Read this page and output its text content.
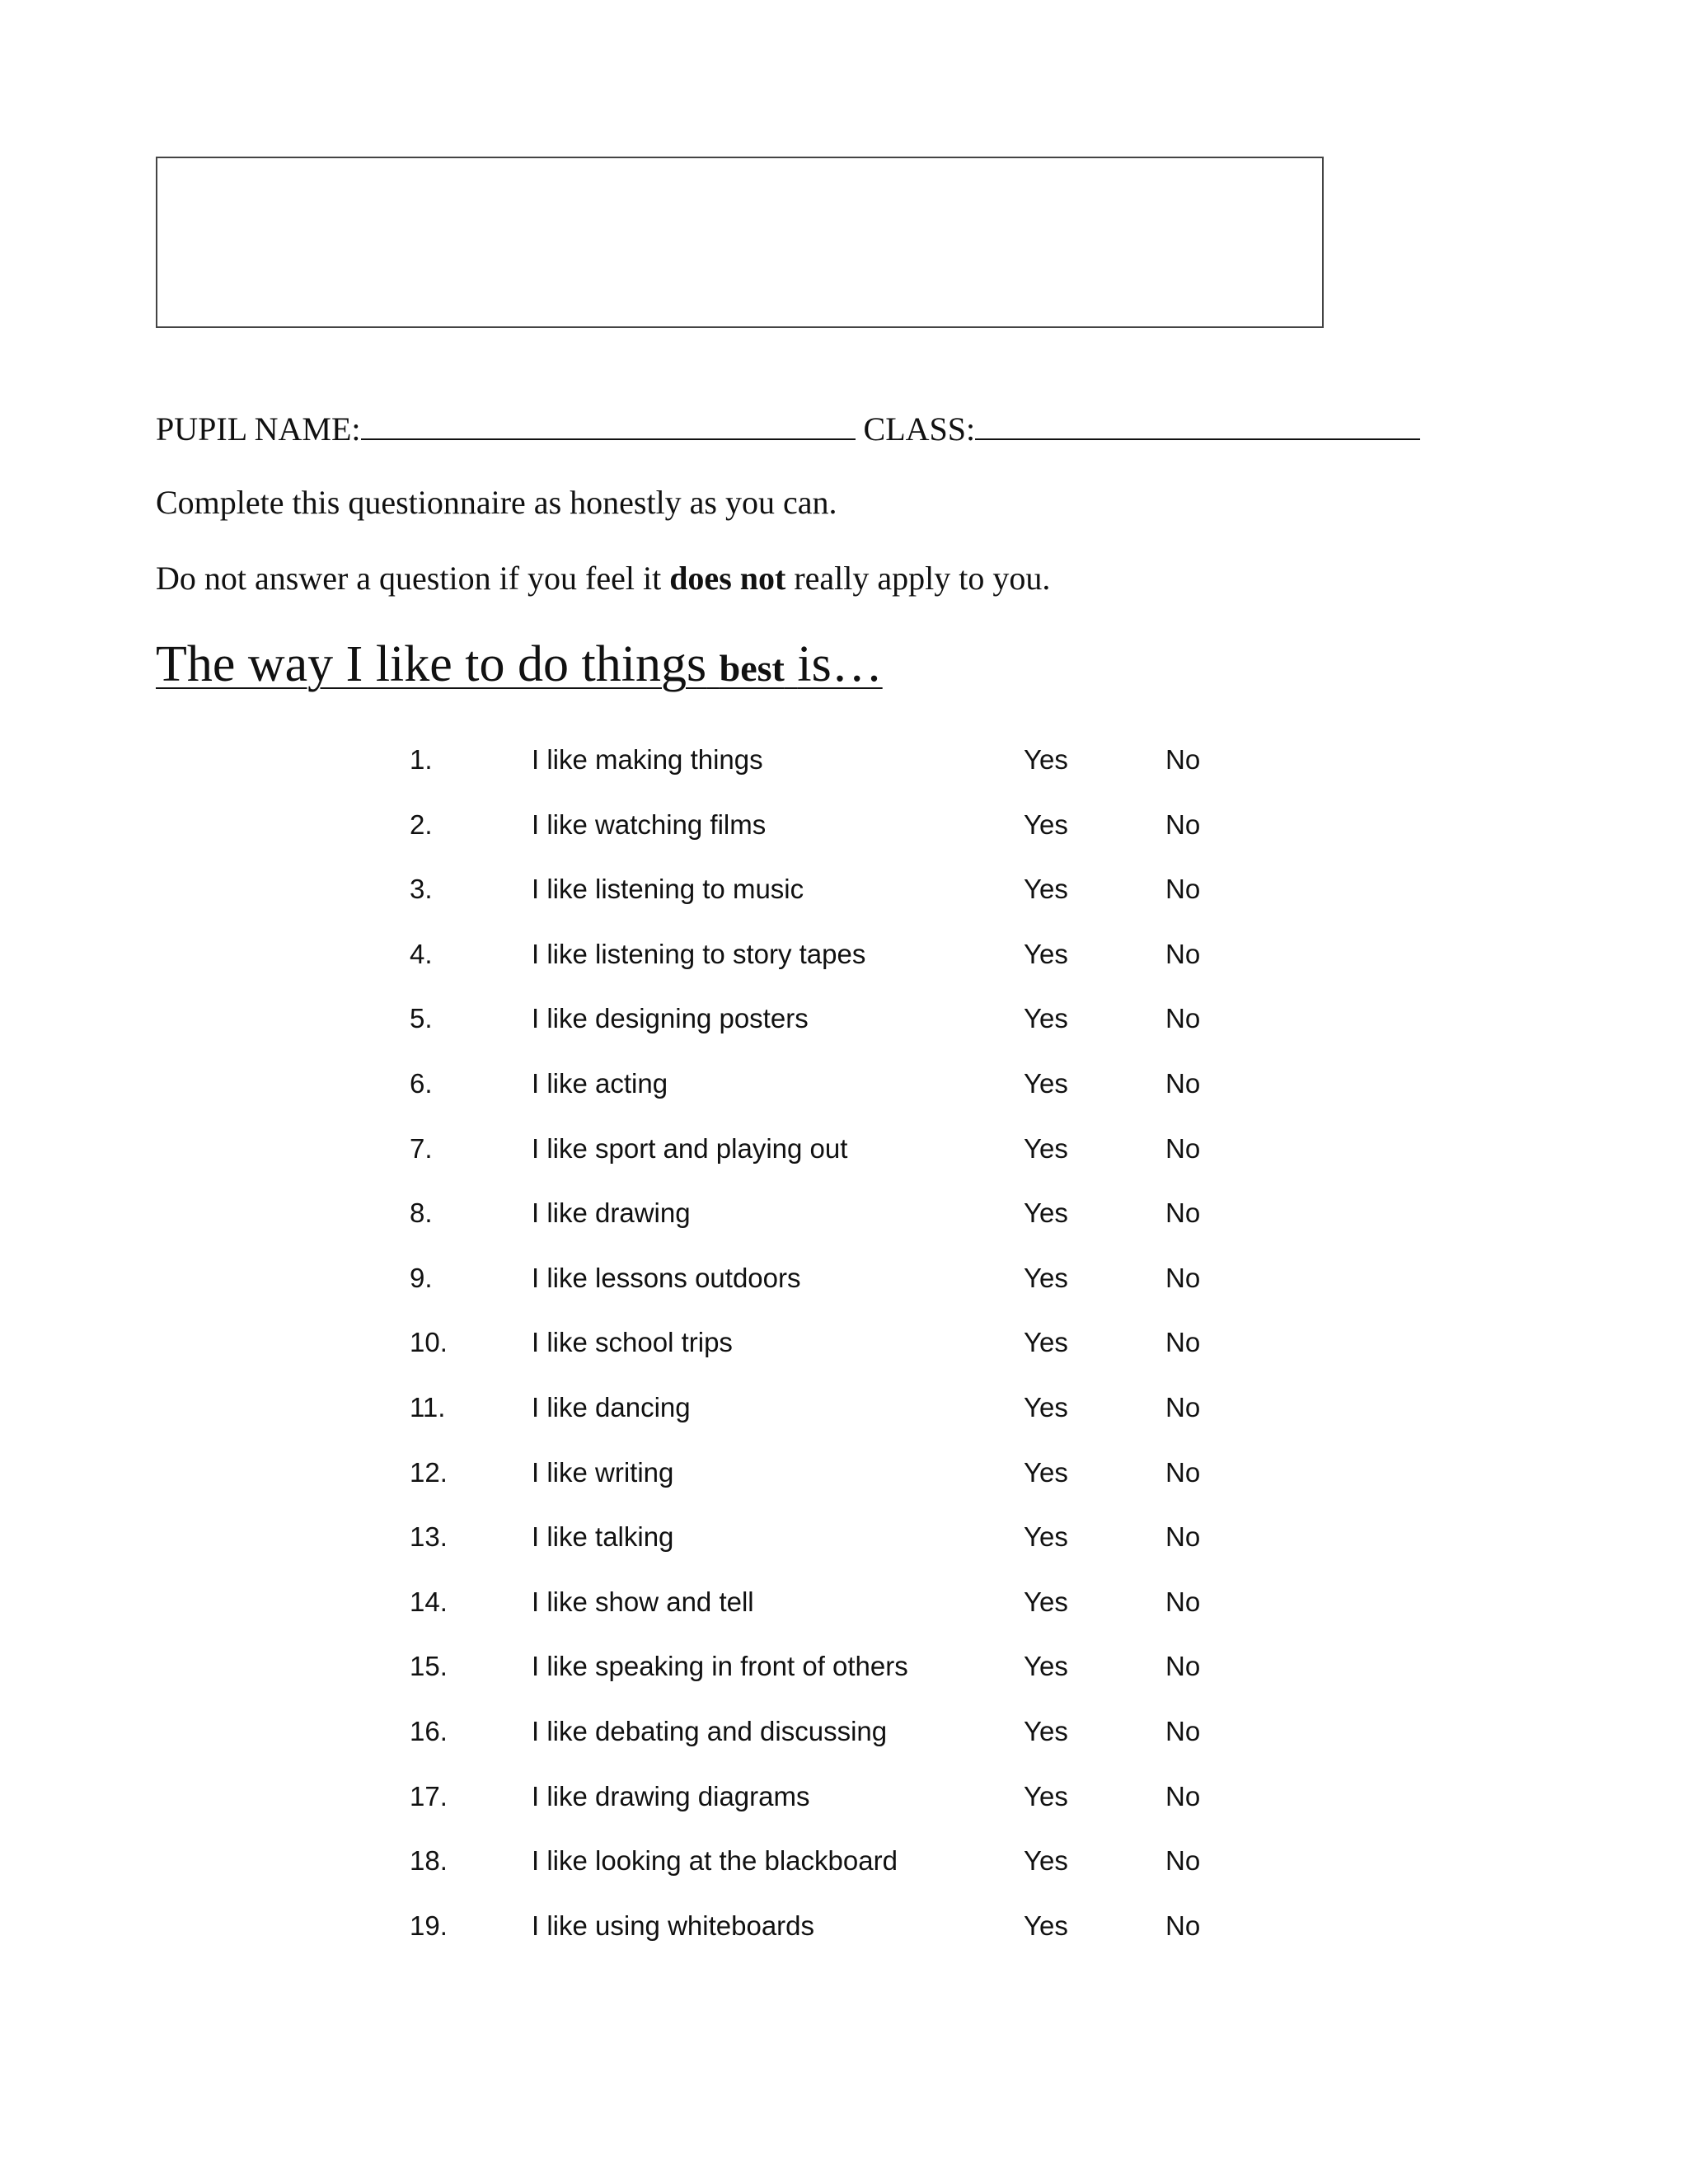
PUPIL NAME:	CLASS:
Complete this questionnaire as honestly as you can.
Do not answer a question if you feel it does not really apply to you.
The way I like to do things best is…
1.	I like making things	Yes	No
2.	I like watching films	Yes	No
3.	I like listening to music	Yes	No
4.	I like listening to story tapes	Yes	No
5.	I like designing posters	Yes	No
6.	I like acting	Yes	No
7.	I like sport and playing out	Yes	No
8.	I like drawing	Yes	No
9.	I like lessons outdoors	Yes	No
10.	I like school trips	Yes	No
11.	I like dancing	Yes	No
12.	I like writing	Yes	No
13.	I like talking	Yes	No
14.	I like show and tell	Yes	No
15.	I like speaking in front of others	Yes	No
16.	I like debating and discussing	Yes	No
17.	I like drawing diagrams	Yes	No
18.	I like looking at the blackboard	Yes	No
19.	I like using whiteboards	Yes	No
